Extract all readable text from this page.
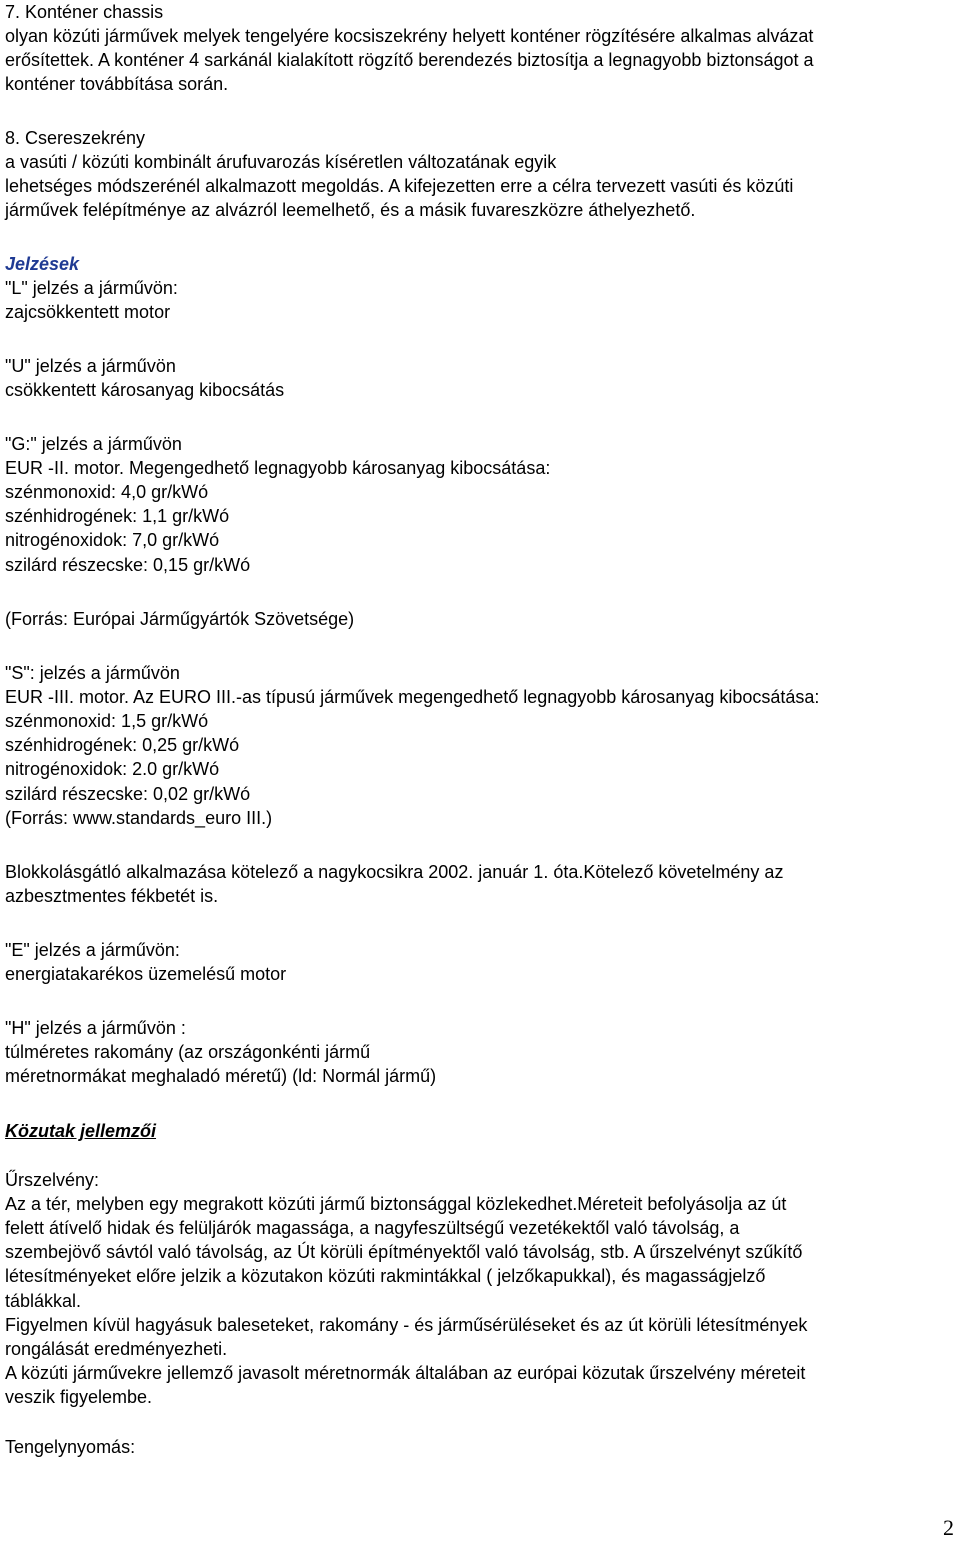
7. Konténer chassis
olyan közúti járművek melyek tengelyére kocsiszekrény helyett konténer rögzítésére alkalmas alvázat
erősítettek. A konténer 4 sarkánál kialakított rögzítő berendezés biztosítja a legnagyobb biztonságot a
konténer továbbítása során.
8. Csereszekrény
a vasúti / közúti kombinált árufuvarozás kíséretlen változatának egyik
lehetséges módszerénél alkalmazott megoldás. A kifejezetten erre a célra tervezett vasúti és közúti
járművek felépítménye az alvázról leemelhető, és a másik fuvareszközre áthelyezhető.
Jelzések
"L" jelzés a járművön:
zajcsökkentett motor
"U" jelzés a járművön
csökkentett károsanyag kibocsátás
"G:" jelzés a járművön
EUR -II. motor. Megengedhető legnagyobb károsanyag kibocsátása:
szénmonoxid: 4,0 gr/kWó
szénhidrogének: 1,1 gr/kWó
nitrogénoxidok: 7,0 gr/kWó
szilárd részecske: 0,15 gr/kWó
(Forrás: Európai Járműgyártók Szövetsége)
"S": jelzés a járművön
EUR -III. motor. Az EURO III.-as típusú járművek megengedhető legnagyobb károsanyag kibocsátása:
szénmonoxid: 1,5 gr/kWó
szénhidrogének: 0,25 gr/kWó
nitrogénoxidok: 2.0 gr/kWó
szilárd részecske: 0,02 gr/kWó
(Forrás: www.standards_euro III.)
Blokkolásgátló alkalmazása kötelező a nagykocsikra 2002. január 1. óta.Kötelező követelmény az
azbesztmentes fékbetét is.
"E" jelzés a járművön:
energiatakarékos üzemelésű motor
"H" jelzés a járművön :
túlméretes rakomány (az országonkénti jármű
méretnormákat meghaladó méretű) (ld: Normál jármű)
Közutak jellemzői
Űrszelvény:
Az a tér, melyben egy megrakott közúti jármű biztonsággal közlekedhet.Méreteit befolyásolja az út
felett átívelő hidak és felüljárók magassága, a nagyfeszültségű vezetékektől való távolság, a
szembejövő sávtól való távolság, az Út körüli építményektől való távolság, stb. A űrszelvényt szűkítő
létesítményeket előre jelzik a közutakon közúti rakmintákkal ( jelzőkapukkal), és magasságjelző
táblákkal.
Figyelmen kívül hagyásuk baleseteket, rakomány - és járműsérüléseket és az út körüli létesítmények
rongálását eredményezheti.
A közúti járművekre jellemző javasolt méretnormák általában az európai közutak űrszelvény méreteit
veszik figyelembe.
Tengelynyomás:
2
